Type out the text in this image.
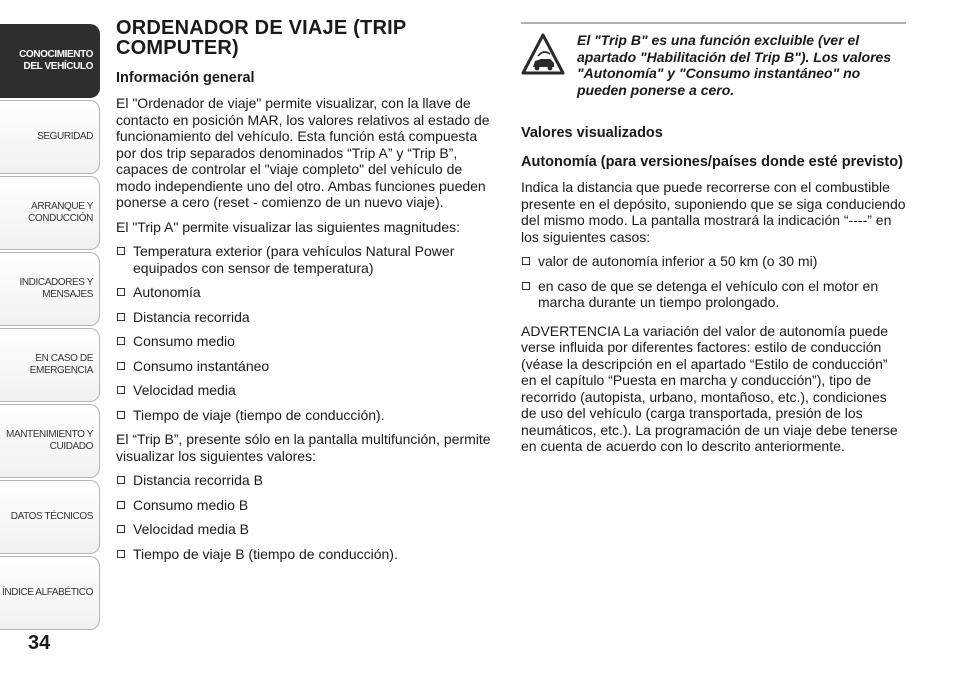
CONOCIMIENTO
DEL VEHÍCULO
SEGURIDAD
ARRANQUE Y
CONDUCCIÓN
INDICADORES Y
MENSAJES
EN CASO DE
EMERGENCIA
MANTENIMIENTO Y
CUIDADO
DATOS TÉCNICOS
ÍNDICE ALFABÉTICO
34
ORDENADOR DE VIAJE (TRIP
COMPUTER)
Información general

El "Ordenador de viaje" permite visualizar, con la llave de contacto en posición MAR, los valores relativos al estado de funcionamiento del vehículo. Esta función está compuesta por dos trip separados denominados “Trip A” y “Trip B”, capaces de controlar el "viaje completo" del vehículo de modo independiente uno del otro. Ambas funciones pueden ponerse a cero (reset - comienzo de un nuevo viaje).

El "Trip A" permite visualizar las siguientes magnitudes:

Temperatura exterior (para vehículos Natural Power equipados con sensor de temperatura)
Autonomía
Distancia recorrida
Consumo medio
Consumo instantáneo
Velocidad media
Tiempo de viaje (tiempo de conducción).

El “Trip B”, presente sólo en la pantalla multifunción, permite visualizar los siguientes valores:

Distancia recorrida B
Consumo medio B
Velocidad media B
Tiempo de viaje B (tiempo de conducción).
El "Trip B" es una función excluible (ver el apartado "Habilitación del Trip B"). Los valores "Autonomía" y "Consumo instantáneo" no pueden ponerse a cero.
Valores visualizados
Autonomía (para versiones/países donde esté previsto)

Indica la distancia que puede recorrerse con el combustible presente en el depósito, suponiendo que se siga conduciendo del mismo modo. La pantalla mostrará la indicación “----” en los siguientes casos:

valor de autonomía inferior a 50 km (o 30 mi)
en caso de que se detenga el vehículo con el motor en marcha durante un tiempo prolongado.

ADVERTENCIA La variación del valor de autonomía puede verse influida por diferentes factores: estilo de conducción (véase la descripción en el apartado “Estilo de conducción” en el capítulo “Puesta en marcha y conducción”), tipo de recorrido (autopista, urbano, montañoso, etc.), condiciones de uso del vehículo (carga transportada, presión de los neumáticos, etc.). La programación de un viaje debe tenerse en cuenta de acuerdo con lo descrito anteriormente.
